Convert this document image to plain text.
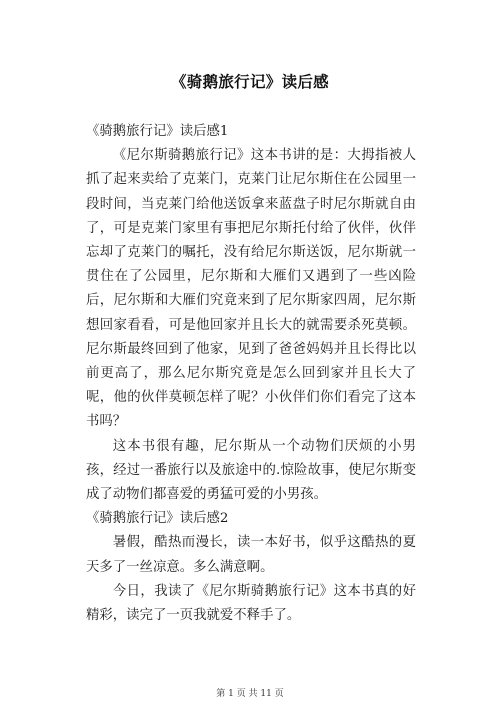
《骑鹅旅行记》读后感

《骑鹅旅行记》读后感1

《尼尔斯骑鹅旅行记》这本书讲的是：大拇指被人抓了起来卖给了克莱门，克莱门让尼尔斯住在公园里一段时间，当克莱门给他送饭拿来蓝盘子时尼尔斯就自由了，可是克莱门家里有事把尼尔斯托付给了伙伴，伙伴忘却了克莱门的嘱托，没有给尼尔斯送饭，尼尔斯就一贯住在了公园里，尼尔斯和大雁们又遇到了一些凶险后，尼尔斯和大雁们究竟来到了尼尔斯家四周，尼尔斯想回家看看，可是他回家并且长大的就需要杀死莫顿。尼尔斯最终回到了他家，见到了爸爸妈妈并且长得比以前更高了，那么尼尔斯究竟是怎么回到家并且长大了呢，他的伙伴莫顿怎样了呢？小伙伴们你们看完了这本书吗？

这本书很有趣，尼尔斯从一个动物们厌烦的小男孩，经过一番旅行以及旅途中的.惊险故事，使尼尔斯变成了动物们都喜爱的勇猛可爱的小男孩。

《骑鹅旅行记》读后感2

暑假，酷热而漫长，读一本好书，似乎这酷热的夏天多了一丝凉意。多么满意啊。

今日，我读了《尼尔斯骑鹅旅行记》这本书真的好精彩，读完了一页我就爱不释手了。

第 1 页 共 11 页
